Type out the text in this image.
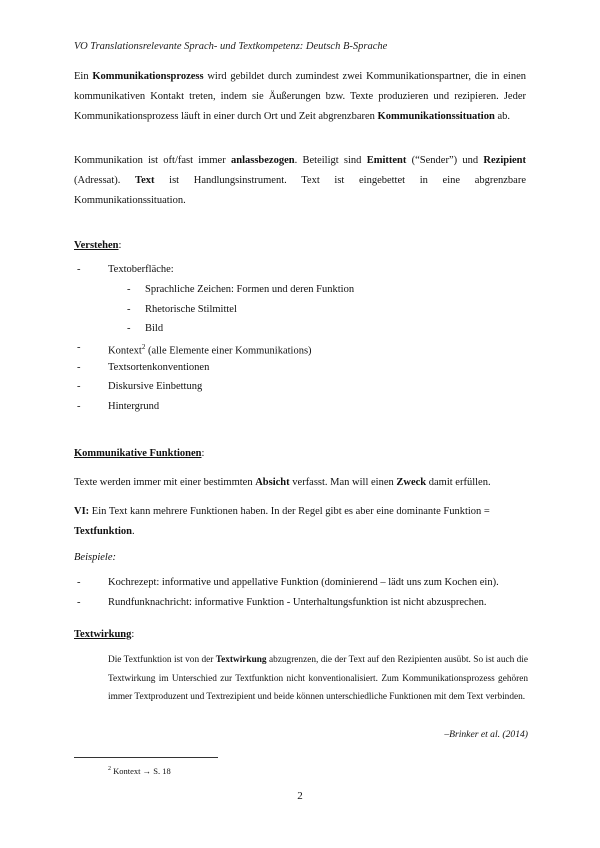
VO Translationsrelevante Sprach- und Textkompetenz: Deutsch B-Sprache
Ein Kommunikationsprozess wird gebildet durch zumindest zwei Kommunikationspartner, die in einen kommunikativen Kontakt treten, indem sie Äußerungen bzw. Texte produzieren und rezipieren. Jeder Kommunikationsprozess läuft in einer durch Ort und Zeit abgrenzbaren Kommunikationssituation ab.
Kommunikation ist oft/fast immer anlassbezogen. Beteiligt sind Emittent (“Sender”) und Rezipient (Adressat). Text ist Handlungsinstrument. Text ist eingebettet in eine abgrenzbare Kommunikationssituation.
Verstehen:
-	Textoberfläche:
- Sprachliche Zeichen: Formen und deren Funktion
- Rhetorische Stilmittel
- Bild
-	Kontext$^2$ (alle Elemente einer Kommunikations)
-	Textsortenkonventionen
-	Diskursive Einbettung
-	Hintergrund
Kommunikative Funktionen:
Texte werden immer mit einer bestimmten Absicht verfasst. Man will einen Zweck damit erfüllen.
VI: Ein Text kann mehrere Funktionen haben. In der Regel gibt es aber eine dominante Funktion = Textfunktion.
Beispiele:
-	Kochrezept: informative und appellative Funktion (dominierend – lädt uns zum Kochen ein).
-	Rundfunknachricht: informative Funktion - Unterhaltungsfunktion ist nicht abzusprechen.
Textwirkung:
Die Textfunktion ist von der Textwirkung abzugrenzen, die der Text auf den Rezipienten ausübt. So ist auch die Textwirkung im Unterschied zur Textfunktion nicht konventionalisiert. Zum Kommunikationsprozess gehören immer Textproduzent und Textrezipient und beide können unterschiedliche Funktionen mit dem Text verbinden.
–Brinker et al. (2014)
$^2$ Kontext → S. 18
2
